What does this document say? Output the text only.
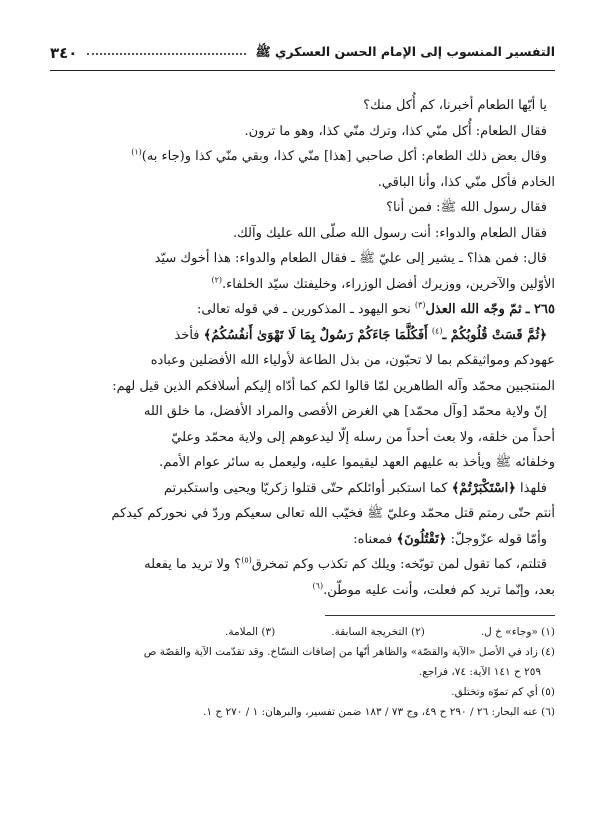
التفسير المنسوب إلى الإمام الحسن العسكري ﷺ
٣٤٠

يا أيّها الطعام أخبرنا، كم أُكل منك؟

فقال الطعام: أُكل منّي كذا، وترك منّي كذا، وهو ما ترون.

وقال بعض ذلك الطعام: أكل صاحبي [هذا] منّي كذا، وبقي منّي كذا و(جاء به)$^{(١)}$

الخادم فأكل منّي كذا، وأنا الباقي.

فقال رسول الله ﷺ: فمن أنا؟

فقال الطعام والدواء: أنت رسول الله صلّى الله عليك وآلك.

قال: فمن هذا؟ ـ يشير إلى عليّ ﷺ ـ فقال الطعام والدواء: هذا أخوك سيّد

الأوّلين والآخرين، ووزيرك أفضل الوزراء، وخليفتك سيّد الخلفاء.$^{(٢)}$

٢٦٥ ـ ثمّ وجّه الله العذل$^{(٣)}$ نحو اليهود ـ المذكورين ـ في قوله تعالى:

﴿ثُمَّ قَسَتْ قُلُوبُكُمْ ـ$^{(٤)}$ أَفَكُلَّمَا جَاءَكُمْ رَسُولٌ بِمَا لَا تَهْوَىٰ أَنفُسُكُمُ﴾ فأخذ

عهودكم ومواثيقكم بما لا تحبّون، من بذل الطاعة لأولياء الله الأفضلين وعباده

المنتجبين محمّد وآله الطاهرين لمّا قالوا لكم كما أدّاه إليكم أسلافكم الذين قيل لهم:

إنّ ولاية محمّد [وآل محمّد] هي الغرض الأقصى والمراد الأفضل، ما خلق الله

أحداً من خلقه، ولا بعث أحداً من رسله إلّا ليدعوهم إلى ولاية محمّد وعليّ

وخلفائه ﷺ ويأخذ به عليهم العهد ليقيموا عليه، وليعمل به سائر عوام الأمم.

فلهذا ﴿اسْتَكْبَرْتُمْ﴾ كما استكبر أوائلكم حتّى قتلوا زكريّا ويحيى واستكبرتم

أنتم حتّى رمتم قتل محمّد وعليّ ﷺ فخيّب الله تعالى سعيكم وردّ في نحوركم كيدكم

وأمّا قوله عزّوجلّ: ﴿تَقْتُلُونَ﴾ فمعناه:

قتلتم، كما تقول لمن توبّخه: ويلك كم تكذب وكم تمخرق$^{(٥)}$؟ ولا تريد ما يفعله

بعد، وإنّما تريد كم فعلت، وأنت عليه موطّن.$^{(٦)}$

(١) «وجاء» خ ل.
(٢) التخريجة السابقة.
(٣) الملامة.
(٤) زاد في الأصل «الآية والقصّة» والظاهر أنّها من إضافات النسّاخ. وقد تقدّمت الآية والقصّة ص
٢٥٩ ح ١٤١ الآية: ٧٤، فراجع.
(٥) أي كم تموّه وتختلق.
(٦) عنه البحار: ٢٦ / ٢٩٠ ح ٤٩، وج ٧٣ / ١٨٣ ضمن تفسير، والبرهان: ١ / ٢٧٠ ح ١.
